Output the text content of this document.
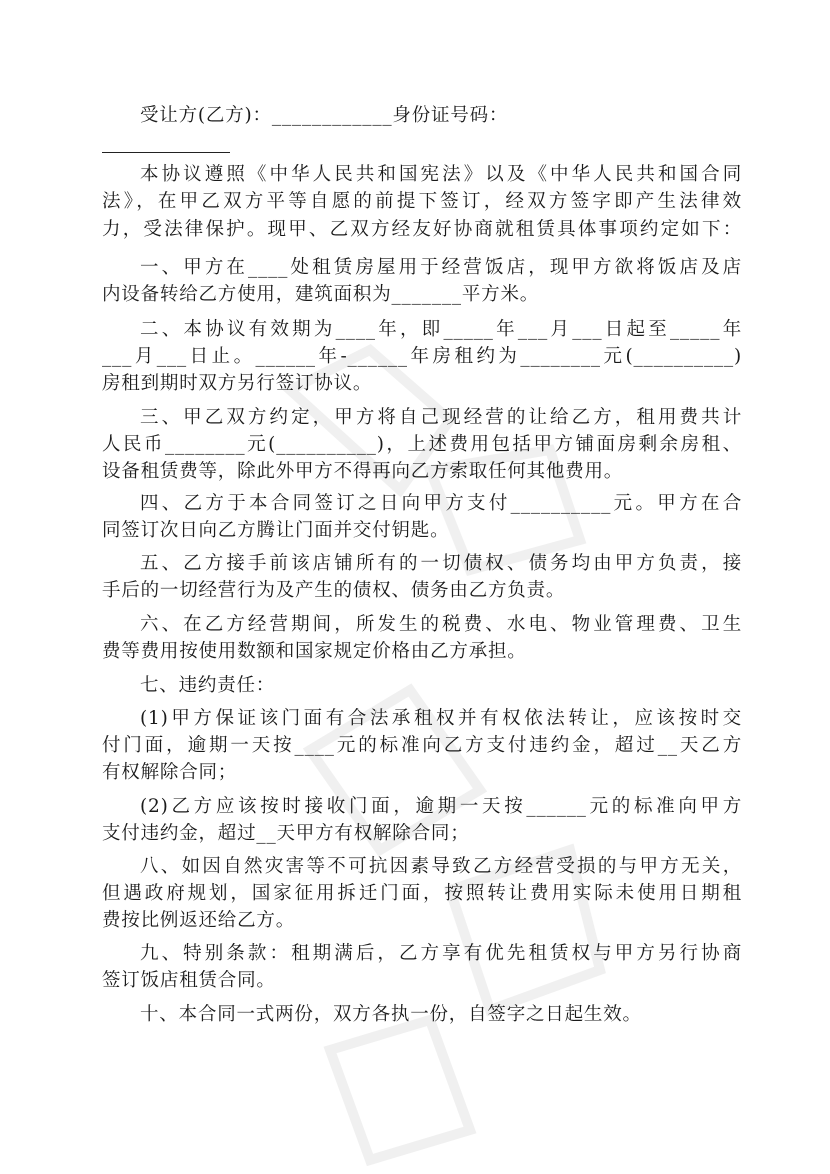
受让方(乙方)：____________身份证号码：
本协议遵照《中华人民共和国宪法》以及《中华人民共和国合同
法》，在甲乙双方平等自愿的前提下签订，经双方签字即产生法律效
力，受法律保护。现甲、乙双方经友好协商就租赁具体事项约定如下：
一、甲方在____处租赁房屋用于经营饭店，现甲方欲将饭店及店
内设备转给乙方使用，建筑面积为_______平方米。
二、本协议有效期为____年，即_____年___月___日起至_____年
___月___日止。______年-______年房租约为________元(__________)
房租到期时双方另行签订协议。
三、甲乙双方约定，甲方将自己现经营的让给乙方，租用费共计
人民币________元(__________)，上述费用包括甲方铺面房剩余房租、
设备租赁费等，除此外甲方不得再向乙方索取任何其他费用。
四、乙方于本合同签订之日向甲方支付__________元。甲方在合
同签订次日向乙方腾让门面并交付钥匙。
五、乙方接手前该店铺所有的一切债权、债务均由甲方负责，接
手后的一切经营行为及产生的债权、债务由乙方负责。
六、在乙方经营期间，所发生的税费、水电、物业管理费、卫生
费等费用按使用数额和国家规定价格由乙方承担。
七、违约责任：
(1)甲方保证该门面有合法承租权并有权依法转让，应该按时交
付门面，逾期一天按____元的标准向乙方支付违约金，超过__天乙方
有权解除合同；
(2)乙方应该按时接收门面，逾期一天按______元的标准向甲方
支付违约金，超过__天甲方有权解除合同；
八、如因自然灾害等不可抗因素导致乙方经营受损的与甲方无关，
但遇政府规划，国家征用拆迁门面，按照转让费用实际未使用日期租
费按比例返还给乙方。
九、特别条款：租期满后，乙方享有优先租赁权与甲方另行协商
签订饭店租赁合同。
十、本合同一式两份，双方各执一份，自签字之日起生效。
